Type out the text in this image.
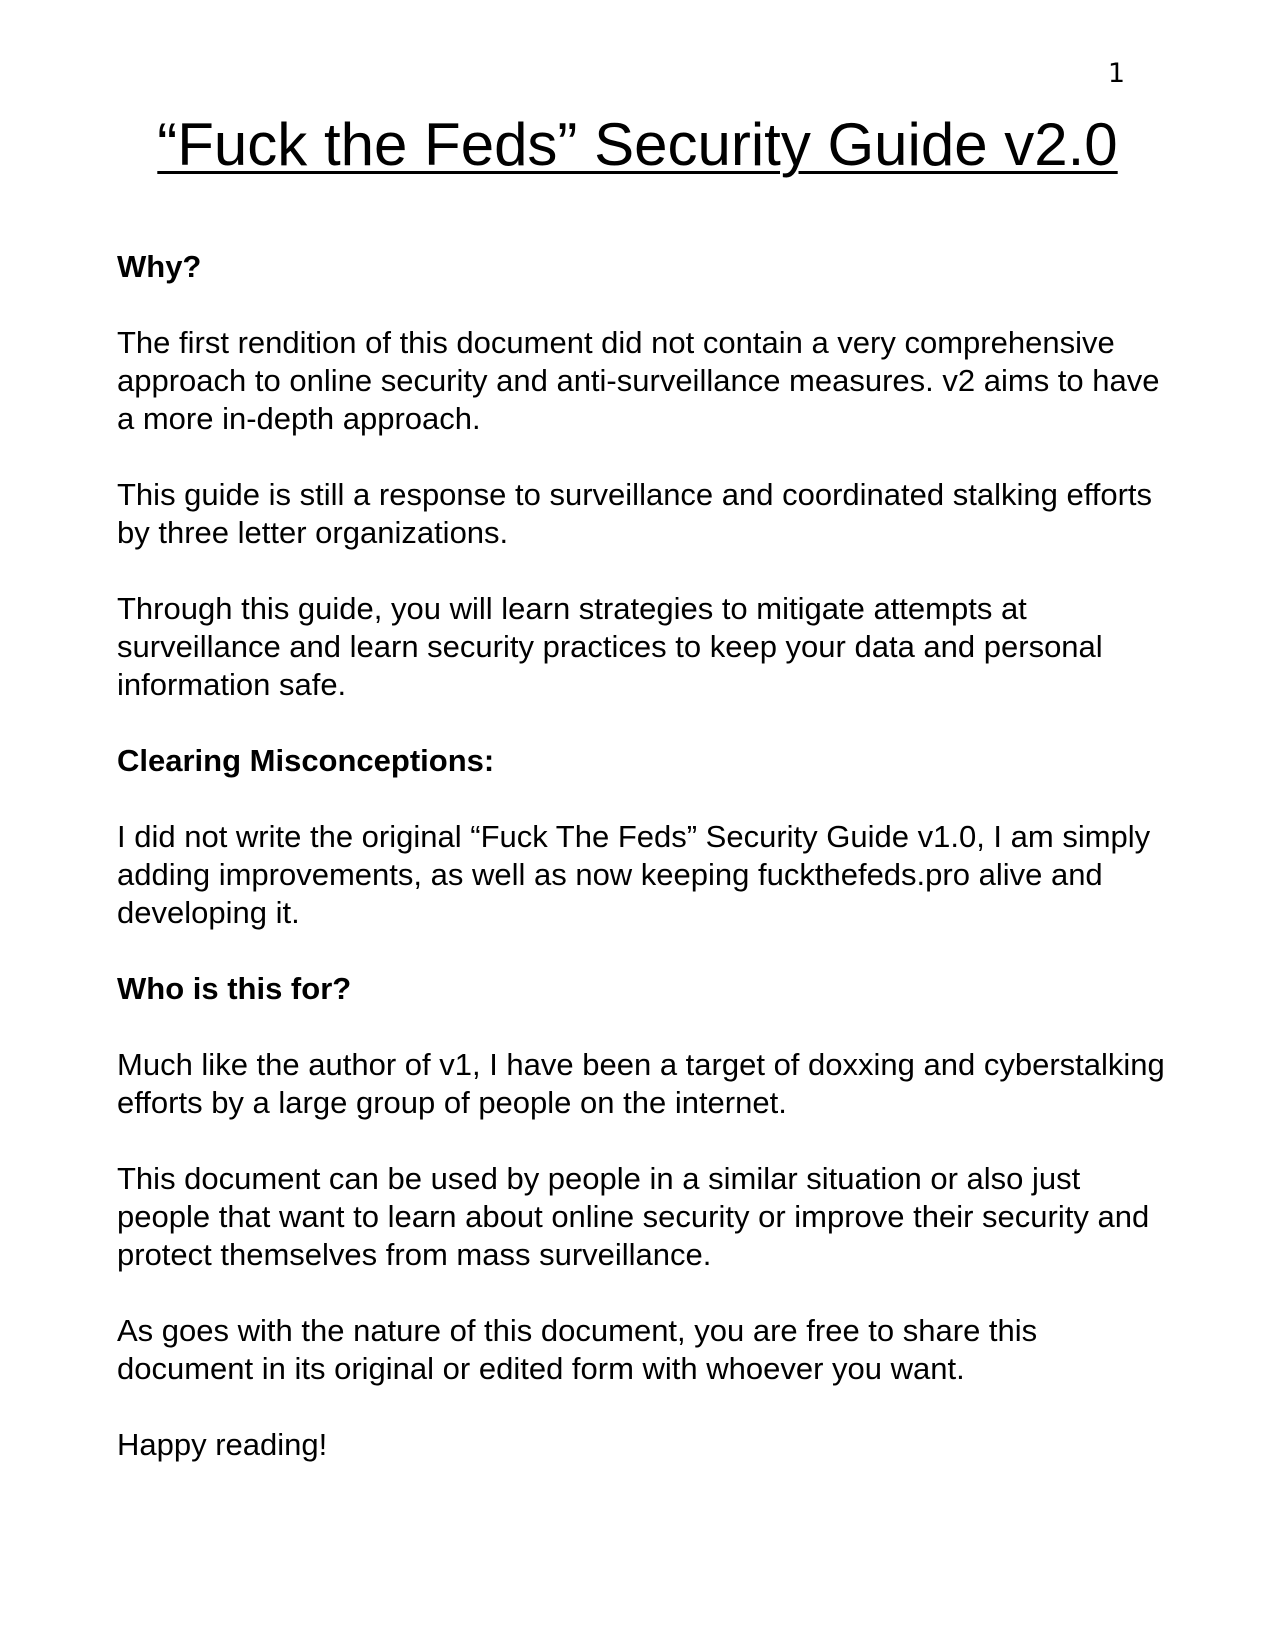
1
“Fuck the Feds” Security Guide v2.0

Why?

The first rendition of this document did not contain a very comprehensive approach to online security and anti-surveillance measures. v2 aims to have a more in-depth approach.

This guide is still a response to surveillance and coordinated stalking efforts by three letter organizations.

Through this guide, you will learn strategies to mitigate attempts at surveillance and learn security practices to keep your data and personal information safe.

Clearing Misconceptions:

I did not write the original “Fuck The Feds” Security Guide v1.0, I am simply adding improvements, as well as now keeping fuckthefeds.pro alive and developing it.

Who is this for?

Much like the author of v1, I have been a target of doxxing and cyberstalking efforts by a large group of people on the internet.

This document can be used by people in a similar situation or also just people that want to learn about online security or improve their security and protect themselves from mass surveillance.

As goes with the nature of this document, you are free to share this document in its original or edited form with whoever you want.

Happy reading!
